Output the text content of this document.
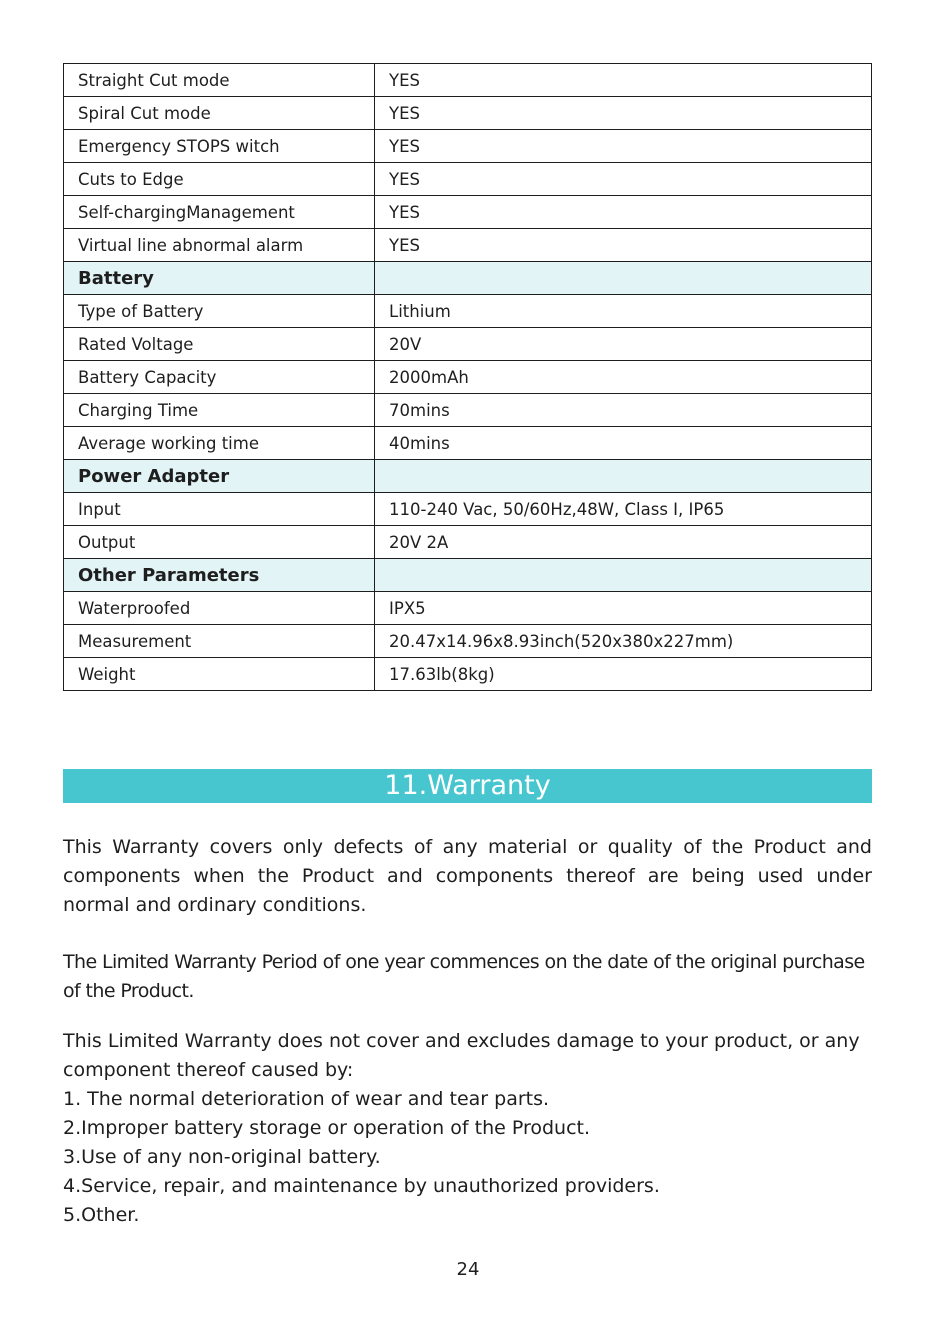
Straight Cut mode	YES
Spiral Cut mode	YES
Emergency STOPS witch	YES
Cuts to Edge	YES
Self-chargingManagement	YES
Virtual line abnormal alarm	YES
Battery	
Type of Battery	Lithium
Rated Voltage	20V
Battery Capacity	2000mAh
Charging Time	70mins
Average working time	40mins
Power Adapter	
Input	110-240 Vac, 50/60Hz,48W, Class I, IP65
Output	20V 2A
Other Parameters	
Waterproofed	IPX5
Measurement	20.47x14.96x8.93inch(520x380x227mm)
Weight	17.63lb(8kg)
11.Warranty

This Warranty covers only defects of any material or quality of the Product and components when the Product and components thereof are being used under normal and ordinary conditions.

The Limited Warranty Period of one year commences on the date of the original purchase of the Product.

This Limited Warranty does not cover and excludes damage to your product, or any component thereof caused by:

1. The normal deterioration of wear and tear parts.
2.Improper battery storage or operation of the Product.
3.Use of any non-original battery.
4.Service, repair, and maintenance by unauthorized providers.
5.Other.
24
